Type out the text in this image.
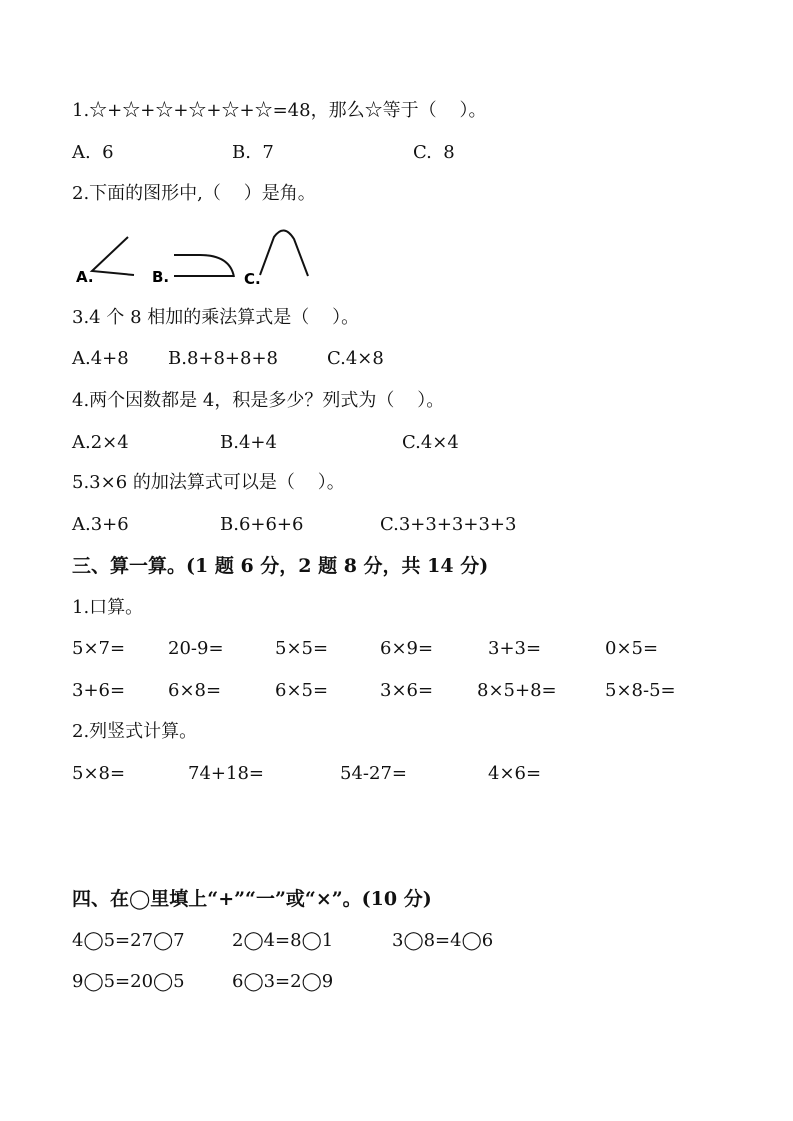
1.☆+☆+☆+☆+☆+☆=48，那么☆等于（    ）。
A.  6	B.  7	C.  8
2.下面的图形中,（    ）是角。
A.	B.	C.
3.4 个 8 相加的乘法算式是（    ）。
A.4+8 B.8+8+8+8	C.4×8
4.两个因数都是 4，积是多少？列式为（    ）。
A.2×4	B.4+4	C.4×4
5.3×6 的加法算式可以是（    ）。
A.3+6	B.6+6+6	C.3+3+3+3+3
三、算一算。(1 题 6 分，2 题 8 分，共 14 分)
1.口算。
5×7= 20-9=	5×5=	6×9=	3+3=	0×5=
3+6= 6×8=	6×5=	3×6= 8×5+8=	5×8-5=
2.列竖式计算。
5×8=	74+18=	54-27=	4×6=
四、在◯里填上“+”“一”或“×”。(10 分)
4◯5=27◯7	2◯4=8◯1	3◯8=4◯6
9◯5=20◯5	6◯3=2◯9
